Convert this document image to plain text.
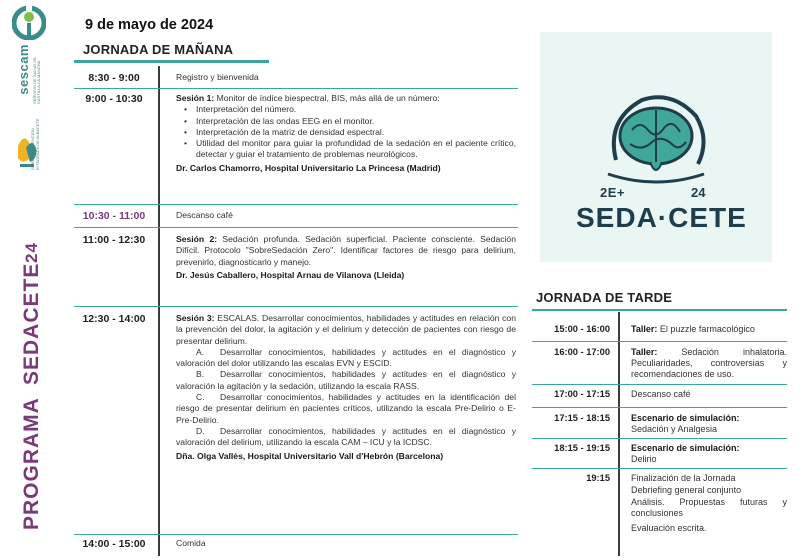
sescam SERVICIO DE SALUD DE CASTILLA-LA MANCHA
GERENCIA ATENCIÓN INTEGRADA DE ALBACETE
PROGRAMA
SEDACETE
24
9 de mayo de 2024
JORNADA DE MAÑANA
8:30 - 9:00	Registro y bienvenida
9:00 - 10:30	Sesión 1: Monitor de índice biespectral, BIS, más allá de un número:
• Interpretación del número.
• Interpretación de las ondas EEG en el monitor.
• Interpretación de la matriz de densidad espectral.
• Utilidad del monitor para guiar la profundidad de la sedación en el paciente crítico, detectar y guiar el tratamiento de problemas neurológicos.
Dr. Carlos Chamorro, Hospital Universitario La Princesa (Madrid)
10:30 - 11:00	Descanso café
11:00 - 12:30	Sesión 2: Sedación profunda. Sedación superficial. Paciente consciente. Sedación Difícil. Protocolo "SobreSedación Zero". Identificar factores de riesgo para delirium, prevenirlo, diagnosticarlo y manejo.
Dr. Jesús Caballero, Hospital Arnau de Vilanova (Lleida)
12:30 - 14:00	Sesión 3: ESCALAS. Desarrollar conocimientos, habilidades y actitudes en relación con la prevención del dolor, la agitación y el delirium y detección de pacientes con riesgo de presentar delirium.
A. Desarrollar conocimientos, habilidades y actitudes en el diagnóstico y valoración del dolor utilizando las escalas EVN y ESCID.
B. Desarrollar conocimientos, habilidades y actitudes en el diagnóstico y valoración la agitación y la sedación, utilizando la escala RASS.
C. Desarrollar conocimientos, habilidades y actitudes en la identificación del riesgo de presentar delirium en pacientes críticos, utilizando la escala Pre-Delirio o E-Pre-Delirio.
D. Desarrollar conocimientos, habilidades y actitudes en el diagnóstico y valoración del delirium, utilizando la escala CAM – ICU y la ICDSC.
Dña. Olga Vallès, Hospital Universitario Vall d'Hebrón (Barcelona)
14:00 - 15:00	Comida
2E+	24
SEDA·CETE
JORNADA DE TARDE
15:00 - 16:00	Taller: El puzzle farmacológico
16:00 - 17:00	Taller: Sedación inhalatoria. Peculiaridades, controversias y recomendaciones de uso.
17:00 - 17:15	Descanso café
17:15 - 18:15	Escenario de simulación:
Sedación y Analgesia
18:15 - 19:15	Escenario de simulación:
Delirio
19:15	Finalización de la Jornada
Debriefing general conjunto
Análisis. Propuestas futuras y conclusiones
Evaluación escrita.
